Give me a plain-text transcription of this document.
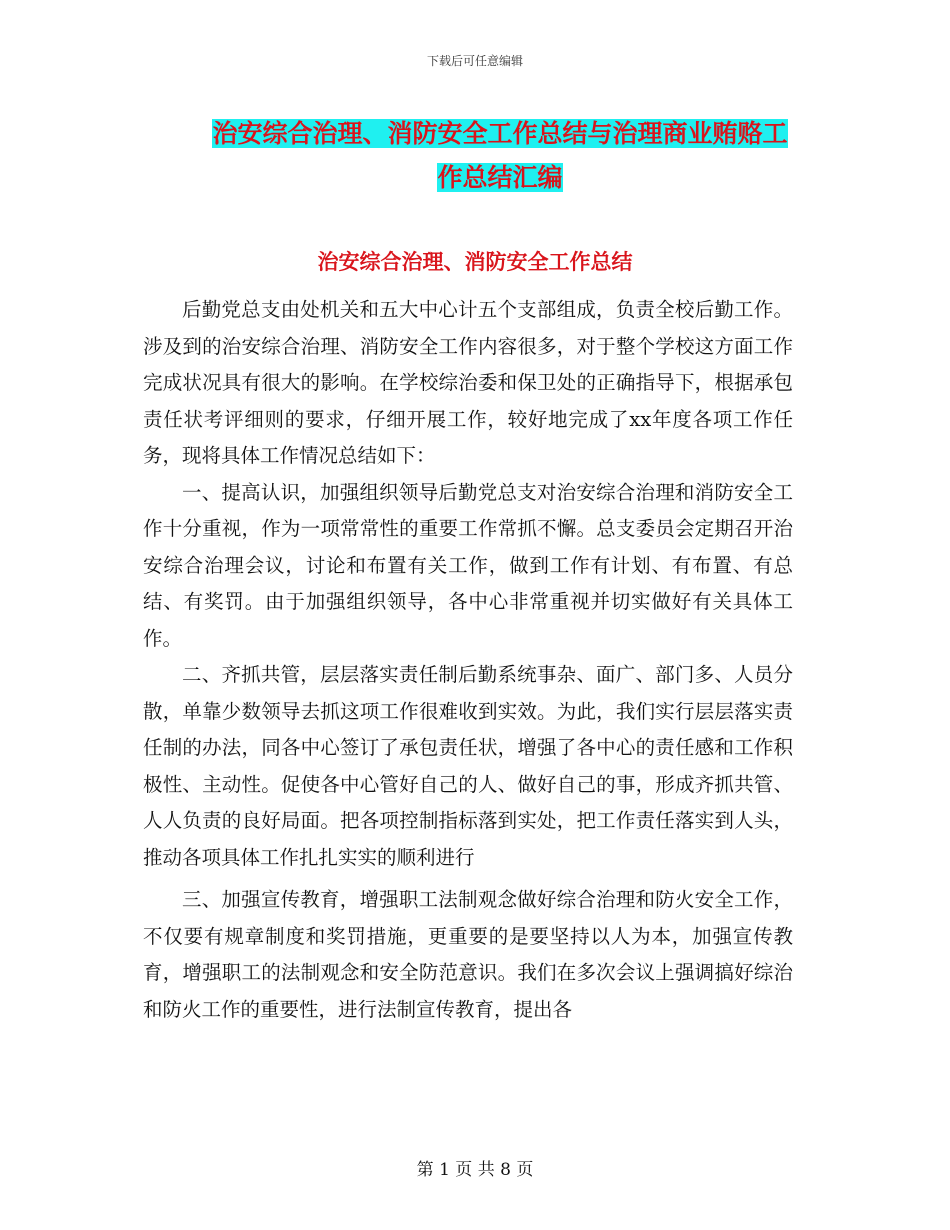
下载后可任意编辑
治安综合治理、消防安全工作总结与治理商业贿赂工
作总结汇编
治安综合治理、消防安全工作总结

后勤党总支由处机关和五大中心计五个支部组成，负责全校后勤工作。涉及到的治安综合治理、消防安全工作内容很多，对于整个学校这方面工作完成状况具有很大的影响。在学校综治委和保卫处的正确指导下，根据承包责任状考评细则的要求，仔细开展工作，较好地完成了xx年度各项工作任务，现将具体工作情况总结如下：

一、提高认识，加强组织领导后勤党总支对治安综合治理和消防安全工作十分重视，作为一项常常性的重要工作常抓不懈。总支委员会定期召开治安综合治理会议，讨论和布置有关工作，做到工作有计划、有布置、有总结、有奖罚。由于加强组织领导，各中心非常重视并切实做好有关具体工作。

二、齐抓共管，层层落实责任制后勤系统事杂、面广、部门多、人员分散，单靠少数领导去抓这项工作很难收到实效。为此，我们实行层层落实责任制的办法，同各中心签订了承包责任状，增强了各中心的责任感和工作积极性、主动性。促使各中心管好自己的人、做好自己的事，形成齐抓共管、人人负责的良好局面。把各项控制指标落到实处，把工作责任落实到人头，推动各项具体工作扎扎实实的顺利进行

三、加强宣传教育，增强职工法制观念做好综合治理和防火安全工作，不仅要有规章制度和奖罚措施，更重要的是要坚持以人为本，加强宣传教育，增强职工的法制观念和安全防范意识。我们在多次会议上强调搞好综治和防火工作的重要性，进行法制宣传教育，提出各

第 1 页 共 8 页
